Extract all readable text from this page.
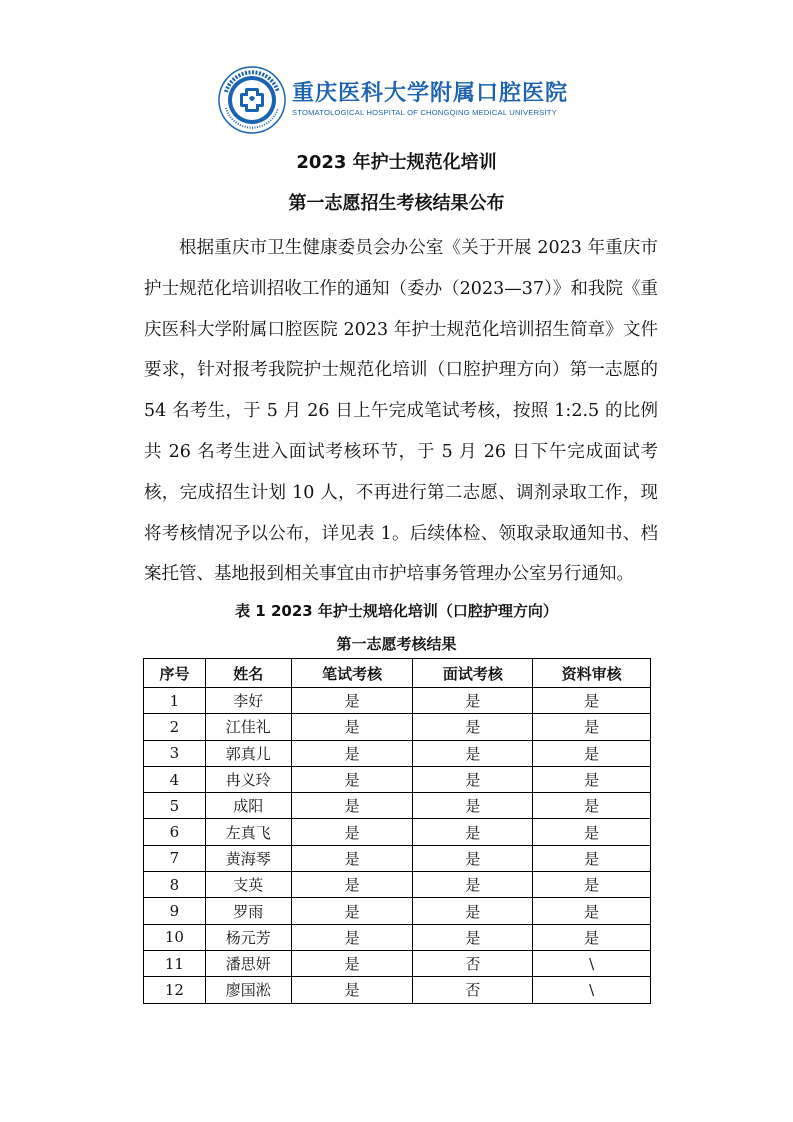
重庆医科大学附属口腔医院
STOMATOLOGICAL HOSPITAL OF CHONGQING MEDICAL UNIVERSITY
2023 年护士规范化培训
第一志愿招生考核结果公布

根据重庆市卫生健康委员会办公室《关于开展 2023 年重庆市护士规范化培训招收工作的通知（委办（2023—37）》和我院《重庆医科大学附属口腔医院 2023 年护士规范化培训招生简章》文件要求，针对报考我院护士规范化培训（口腔护理方向）第一志愿的 54 名考生，于 5 月 26 日上午完成笔试考核，按照 1:2.5 的比例共 26 名考生进入面试考核环节，于 5 月 26 日下午完成面试考核，完成招生计划 10 人，不再进行第二志愿、调剂录取工作，现将考核情况予以公布，详见表 1。后续体检、领取录取通知书、档案托管、基地报到相关事宜由市护培事务管理办公室另行通知。

表 1 2023 年护士规培化培训（口腔护理方向）
第一志愿考核结果
序号	姓名	笔试考核	面试考核	资料审核
1	李好	是	是	是
2	江佳礼	是	是	是
3	郭真儿	是	是	是
4	冉义玲	是	是	是
5	成阳	是	是	是
6	左真飞	是	是	是
7	黄海琴	是	是	是
8	支英	是	是	是
9	罗雨	是	是	是
10	杨元芳	是	是	是
11	潘思妍	是	否	\
12	廖国淞	是	否	\
